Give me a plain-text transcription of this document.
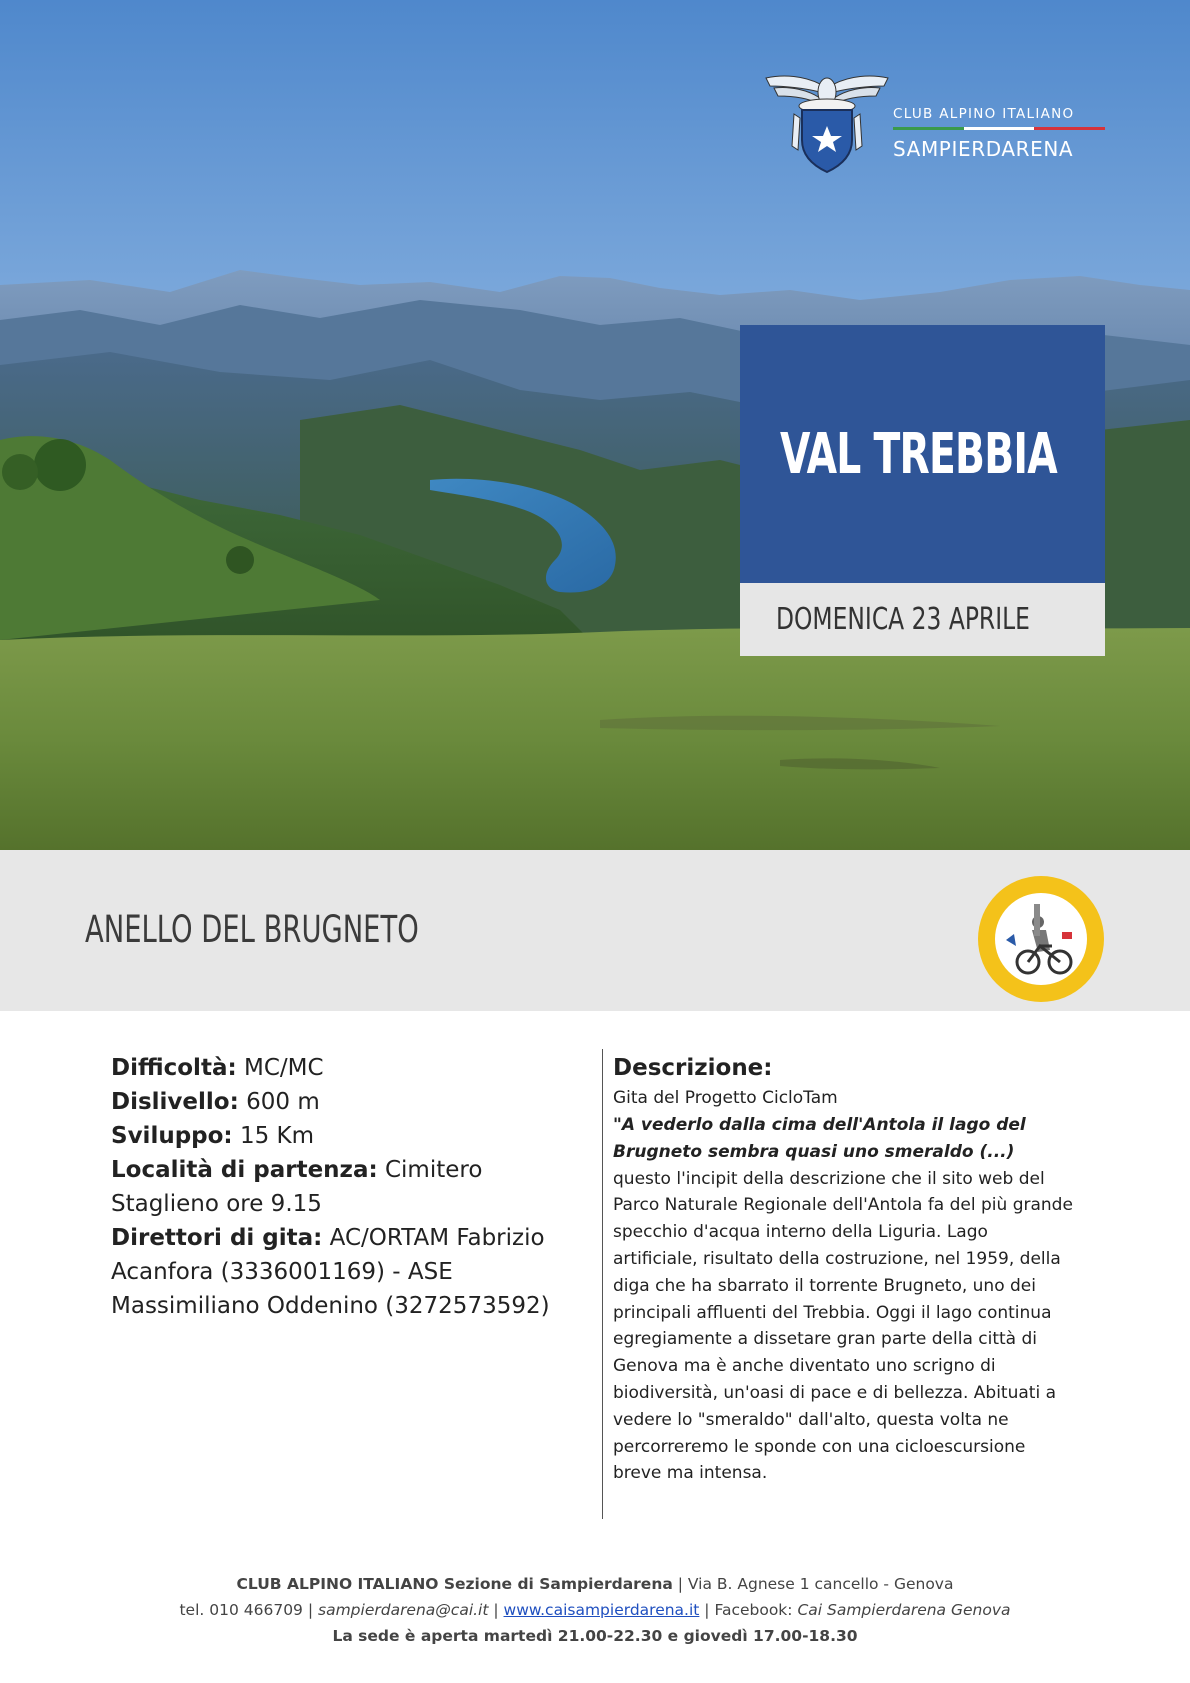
CLUB ALPINO ITALIANO
SAMPIERDARENA
VAL TREBBIA
DOMENICA 23 APRILE
ANELLO DEL BRUGNETO

Difficoltà: MC/MC

Dislivello: 600 m

Sviluppo: 15 Km

Località di partenza: Cimitero Staglieno ore 9.15

Direttori di gita: AC/ORTAM Fabrizio Acanfora (3336001169) - ASE Massimiliano Oddenino (3272573592)

Descrizione:
Gita del Progetto CicloTam

"A vederlo dalla cima dell'Antola il lago del Brugneto sembra quasi uno smeraldo (...) questo l'incipit della descrizione che il sito web del Parco Naturale Regionale dell'Antola fa del più grande specchio d'acqua interno della Liguria. Lago artificiale, risultato della costruzione, nel 1959, della diga che ha sbarrato il torrente Brugneto, uno dei principali affluenti del Trebbia. Oggi il lago continua egregiamente a dissetare gran parte della città di Genova ma è anche diventato uno scrigno di biodiversità, un'oasi di pace e di bellezza. Abituati a vedere lo "smeraldo" dall'alto, questa volta ne percorreremo le sponde con una cicloescursione breve ma intensa.

CLUB ALPINO ITALIANO Sezione di Sampierdarena | Via B. Agnese 1 cancello - Genova
tel. 010 466709 | sampierdarena@cai.it | www.caisampierdarena.it | Facebook: Cai Sampierdarena Genova
La sede è aperta martedì 21.00-22.30 e giovedì 17.00-18.30
